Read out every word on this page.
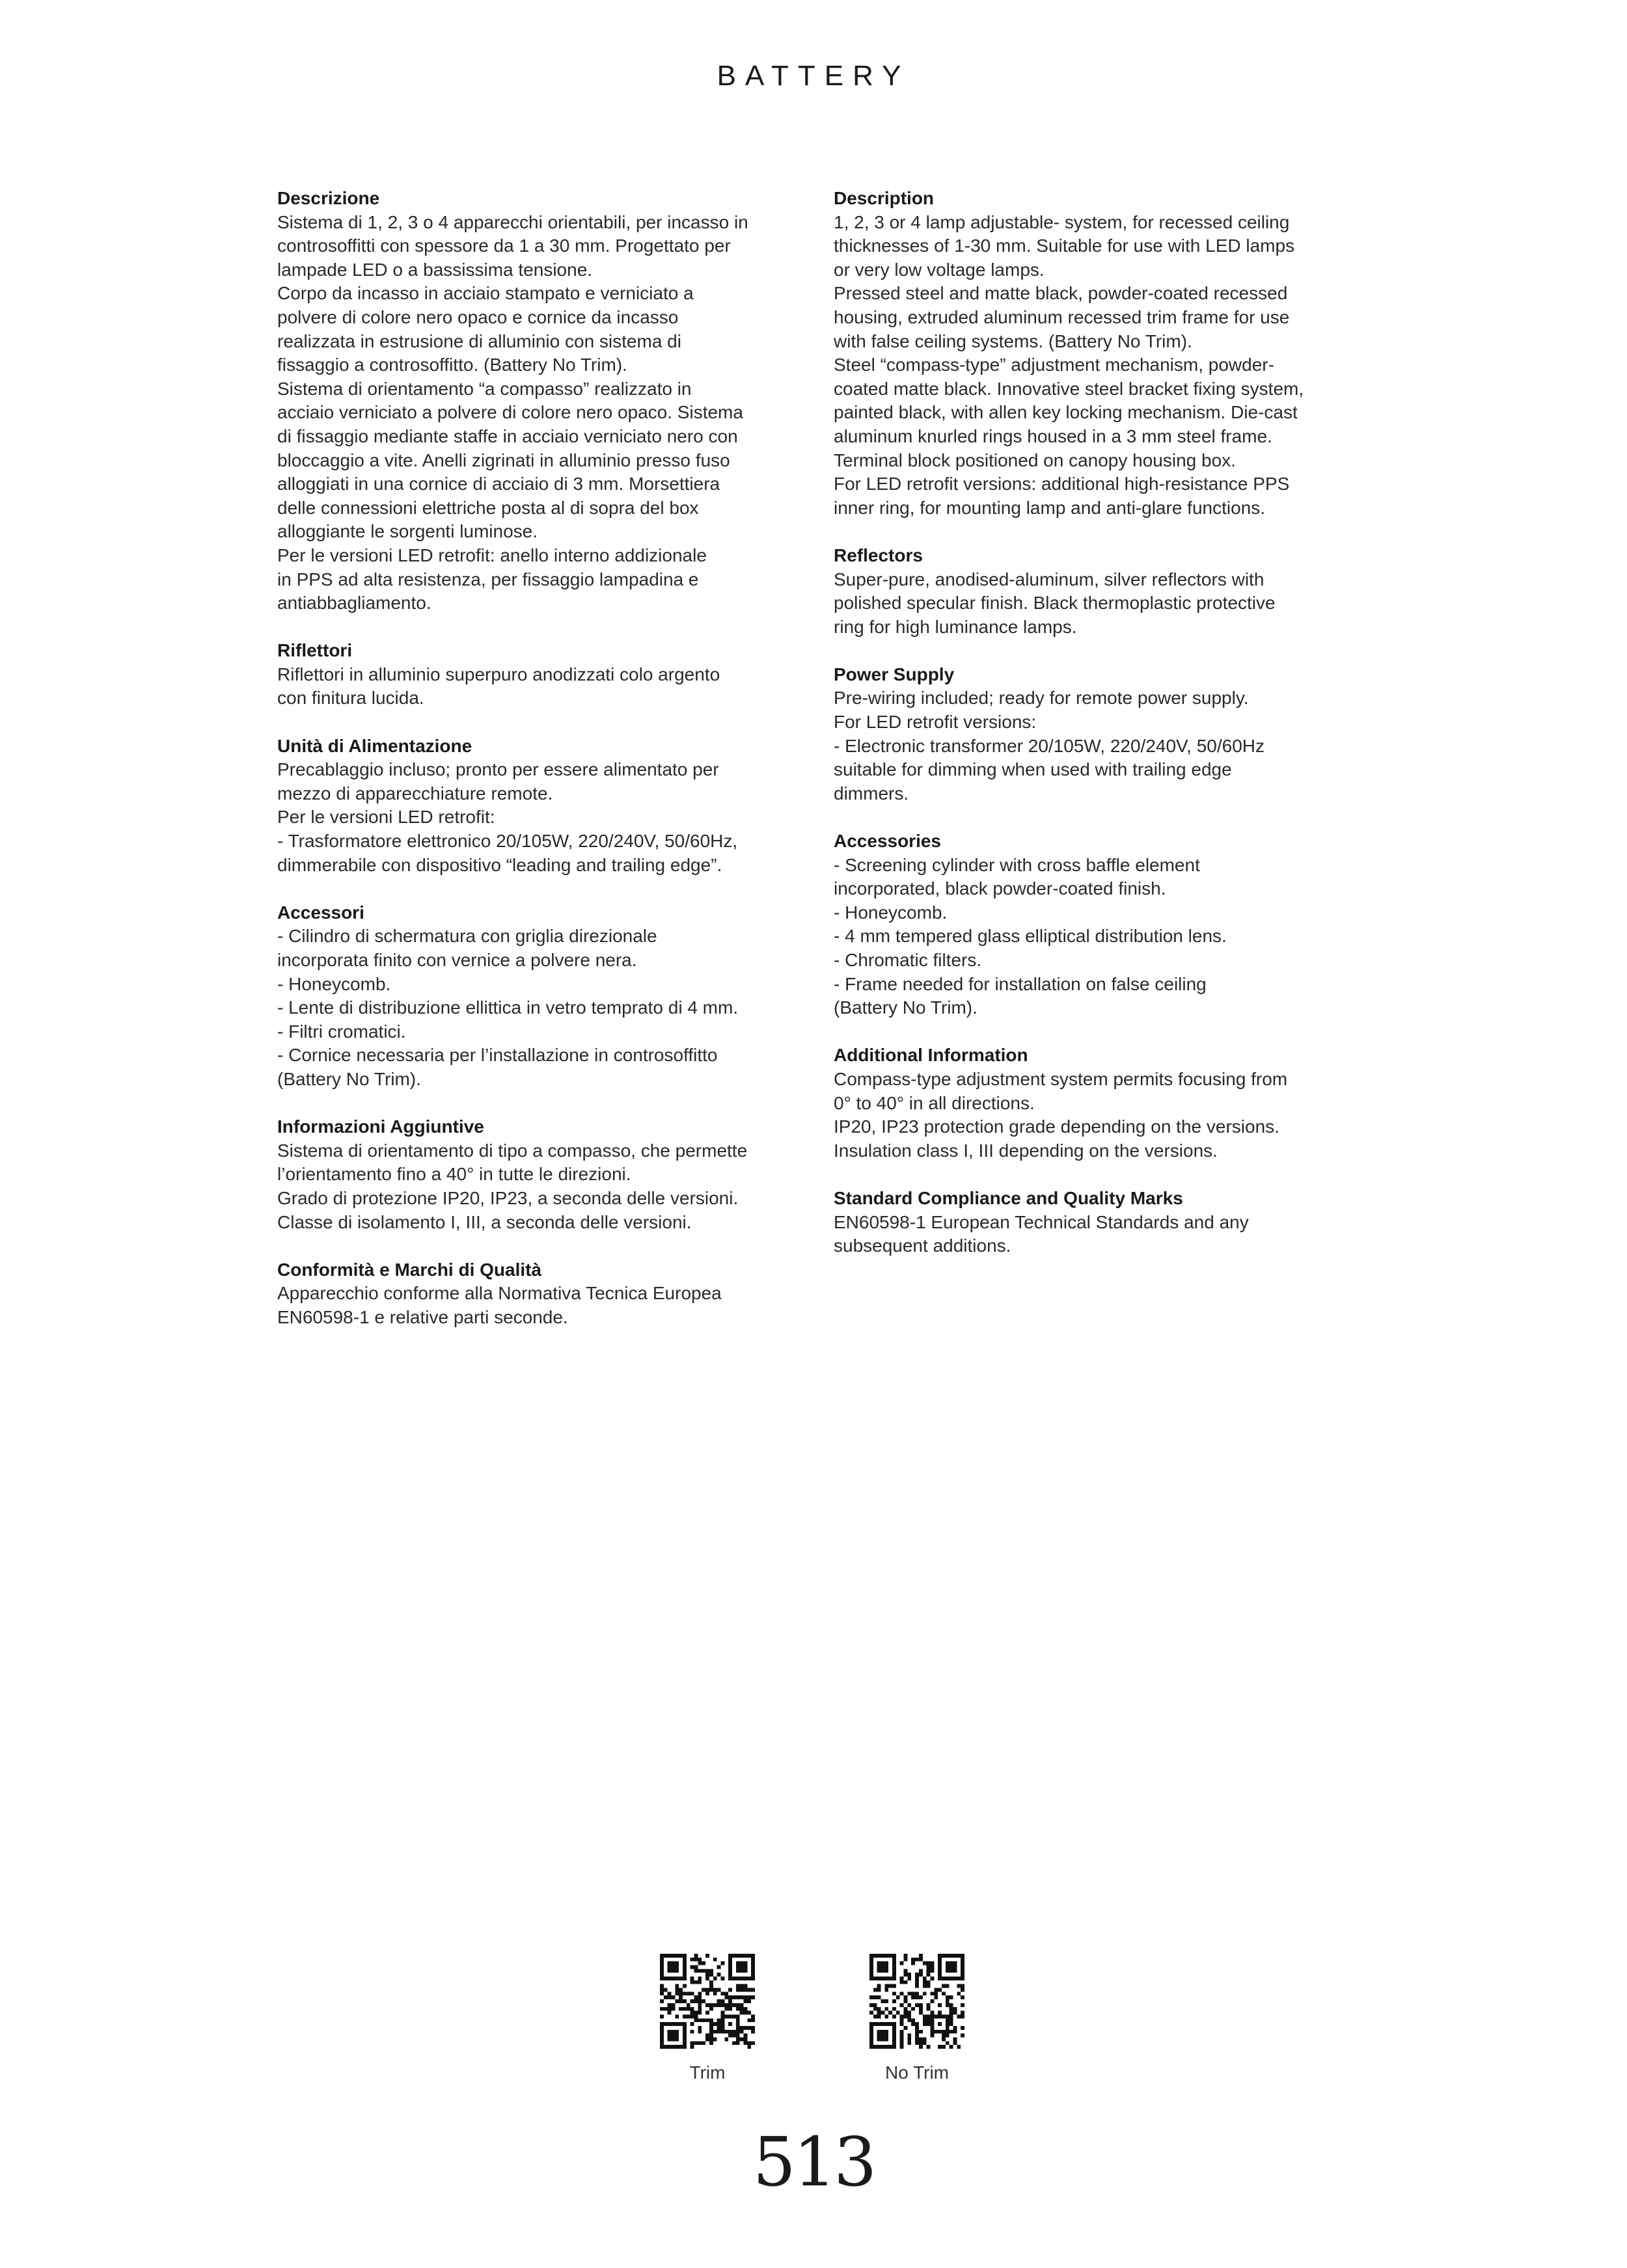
BATTERY
Descrizione

Sistema di 1, 2, 3 o 4 apparecchi orientabili, per incasso in
controsoffitti con spessore da 1 a 30 mm. Progettato per
lampade LED o a bassissima tensione.
Corpo da incasso in acciaio stampato e verniciato a
polvere di colore nero opaco e cornice da incasso
realizzata in estrusione di alluminio con sistema di
fissaggio a controsoffitto. (Battery No Trim).
Sistema di orientamento “a compasso” realizzato in
acciaio verniciato a polvere di colore nero opaco. Sistema
di fissaggio mediante staffe in acciaio verniciato nero con
bloccaggio a vite. Anelli zigrinati in alluminio presso fuso
alloggiati in una cornice di acciaio di 3 mm. Morsettiera
delle connessioni elettriche posta al di sopra del box
alloggiante le sorgenti luminose.
Per le versioni LED retrofit: anello interno addizionale
in PPS ad alta resistenza, per fissaggio lampadina e
antiabbagliamento.

Riflettori

Riflettori in alluminio superpuro anodizzati colo argento
con finitura lucida.

Unità di Alimentazione

Precablaggio incluso; pronto per essere alimentato per
mezzo di apparecchiature remote.
Per le versioni LED retrofit:
- Trasformatore elettronico 20/105W, 220/240V, 50/60Hz,
dimmerabile con dispositivo “leading and trailing edge”.

Accessori

- Cilindro di schermatura con griglia direzionale
incorporata finito con vernice a polvere nera.
- Honeycomb.
- Lente di distribuzione ellittica in vetro temprato di 4 mm.
- Filtri cromatici.
- Cornice necessaria per l’installazione in controsoffitto
(Battery No Trim).

Informazioni Aggiuntive

Sistema di orientamento di tipo a compasso, che permette
l’orientamento fino a 40° in tutte le direzioni.
Grado di protezione IP20, IP23, a seconda delle versioni.
Classe di isolamento I, III, a seconda delle versioni.

Conformità e Marchi di Qualità

Apparecchio conforme alla Normativa Tecnica Europea
EN60598-1 e relative parti seconde.

Description

1, 2, 3 or 4 lamp adjustable- system, for recessed ceiling
thicknesses of 1-30 mm. Suitable for use with LED lamps
or very low voltage lamps.
Pressed steel and matte black, powder-coated recessed
housing, extruded aluminum recessed trim frame for use
with false ceiling systems. (Battery No Trim).
Steel “compass-type” adjustment mechanism, powder-
coated matte black. Innovative steel bracket fixing system,
painted black, with allen key locking mechanism. Die-cast
aluminum knurled rings housed in a 3 mm steel frame.
Terminal block positioned on canopy housing box.
For LED retrofit versions: additional high-resistance PPS
inner ring, for mounting lamp and anti-glare functions.

Reflectors

Super-pure, anodised-aluminum, silver reflectors with
polished specular finish. Black thermoplastic protective
ring for high luminance lamps.

Power Supply

Pre-wiring included; ready for remote power supply.
For LED retrofit versions:
- Electronic transformer 20/105W, 220/240V, 50/60Hz
suitable for dimming when used with trailing edge
dimmers.

Accessories

- Screening cylinder with cross baffle element
incorporated, black powder-coated finish.
- Honeycomb.
- 4 mm tempered glass elliptical distribution lens.
- Chromatic filters.
- Frame needed for installation on false ceiling
(Battery No Trim).

Additional Information

Compass-type adjustment system permits focusing from
0° to 40° in all directions.
IP20, IP23 protection grade depending on the versions.
Insulation class I, III depending on the versions.

Standard Compliance and Quality Marks

EN60598-1 European Technical Standards and any
subsequent additions.

Trim	No Trim
513
